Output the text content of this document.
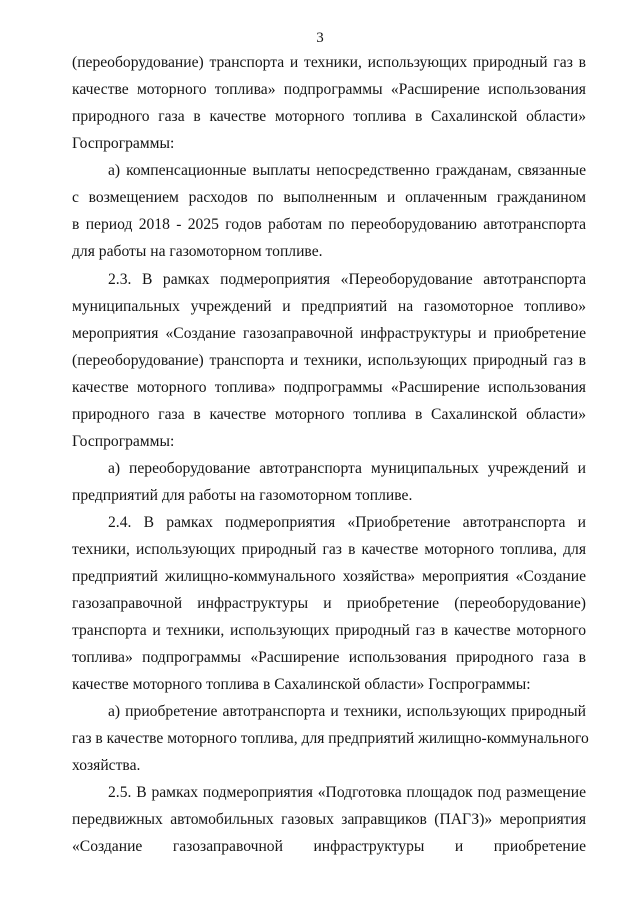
3
(переоборудование) транспорта и техники, использующих природный газ в
качестве моторного топлива» подпрограммы «Расширение использования
природного газа в качестве моторного топлива в Сахалинской области»
Госпрограммы:
а) компенсационные выплаты непосредственно гражданам, связанные
с возмещением расходов по выполненным и оплаченным гражданином
в период 2018 - 2025 годов работам по переоборудованию автотранспорта
для работы на газомоторном топливе.
2.3. В рамках подмероприятия «Переоборудование автотранспорта
муниципальных учреждений и предприятий на газомоторное топливо»
мероприятия «Создание газозаправочной инфраструктуры и приобретение
(переоборудование) транспорта и техники, использующих природный газ в
качестве моторного топлива» подпрограммы «Расширение использования
природного газа в качестве моторного топлива в Сахалинской области»
Госпрограммы:
а) переоборудование автотранспорта муниципальных учреждений и
предприятий для работы на газомоторном топливе.
2.4. В рамках подмероприятия «Приобретение автотранспорта и
техники, использующих природный газ в качестве моторного топлива, для
предприятий жилищно-коммунального хозяйства» мероприятия «Создание
газозаправочной инфраструктуры и приобретение (переоборудование)
транспорта и техники, использующих природный газ в качестве моторного
топлива» подпрограммы «Расширение использования природного газа в
качестве моторного топлива в Сахалинской области» Госпрограммы:
а) приобретение автотранспорта и техники, использующих природный
газ в качестве моторного топлива, для предприятий жилищно-коммунального
хозяйства.
2.5. В рамках подмероприятия «Подготовка площадок под размещение
передвижных автомобильных газовых заправщиков (ПАГЗ)» мероприятия
«Создание газозаправочной инфраструктуры и приобретение
